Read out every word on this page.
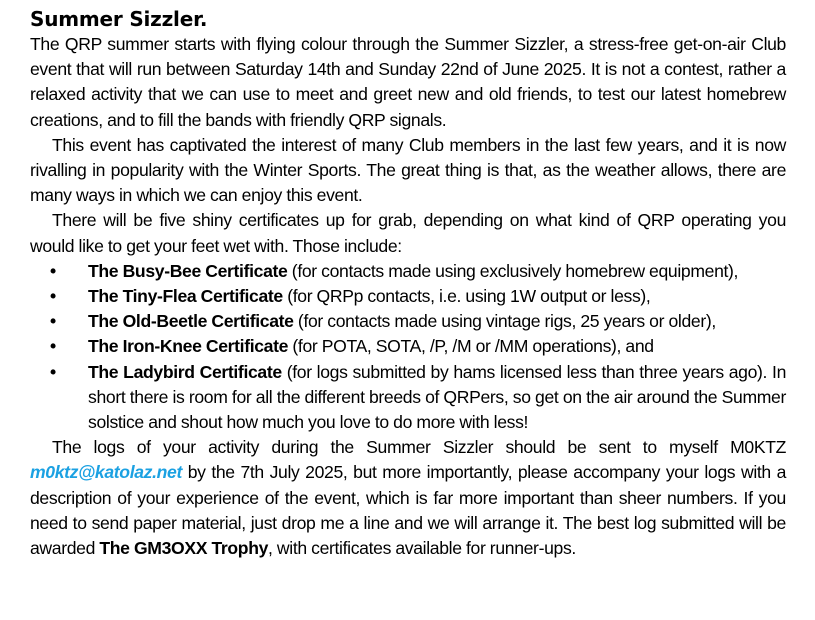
Summer Sizzler.

The QRP summer starts with flying colour through the Summer Sizzler, a stress-free get-on-air Club event that will run between Saturday 14th and Sunday 22nd of June 2025. It is not a contest, rather a relaxed activity that we can use to meet and greet new and old friends, to test our latest homebrew creations, and to fill the bands with friendly QRP signals.

This event has captivated the interest of many Club members in the last few years, and it is now rivalling in popularity with the Winter Sports. The great thing is that, as the weather allows, there are many ways in which we can enjoy this event.

There will be five shiny certificates up for grab, depending on what kind of QRP operating you would like to get your feet wet with. Those include:

• The Busy-Bee Certificate (for contacts made using exclusively homebrew equipment),
• The Tiny-Flea Certificate (for QRPp contacts, i.e. using 1W output or less),
• The Old-Beetle Certificate (for contacts made using vintage rigs, 25 years or older),
• The Iron-Knee Certificate (for POTA, SOTA, /P, /M or /MM operations), and
• The Ladybird Certificate (for logs submitted by hams licensed less than three years ago). In short there is room for all the different breeds of QRPers, so get on the air around the Summer solstice and shout how much you love to do more with less!

The logs of your activity during the Summer Sizzler should be sent to myself M0KTZ m0ktz@katolaz.net by the 7th July 2025, but more importantly, please accompany your logs with a description of your experience of the event, which is far more important than sheer numbers. If you need to send paper material, just drop me a line and we will arrange it. The best log submitted will be awarded The GM3OXX Trophy, with certificates available for runner-ups.
